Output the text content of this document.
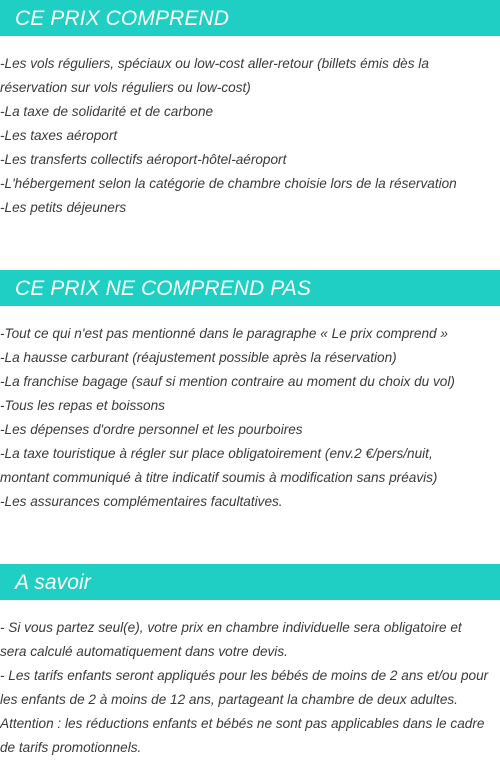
CE PRIX COMPREND
-Les vols réguliers, spéciaux ou low-cost aller-retour (billets émis dès la
réservation sur vols réguliers ou low-cost)
-La taxe de solidarité et de carbone
-Les taxes aéroport
-Les transferts collectifs aéroport-hôtel-aéroport
-L'hébergement selon la catégorie de chambre choisie lors de la réservation
-Les petits déjeuners
CE PRIX NE COMPREND PAS
-Tout ce qui n'est pas mentionné dans le paragraphe « Le prix comprend »
-La hausse carburant (réajustement possible après la réservation)
-La franchise bagage (sauf si mention contraire au moment du choix du vol)
-Tous les repas et boissons
-Les dépenses d'ordre personnel et les pourboires
-La taxe touristique à régler sur place obligatoirement (env.2 €/pers/nuit,
montant communiqué à titre indicatif soumis à modification sans préavis)
-Les assurances complémentaires facultatives.
A savoir
- Si vous partez seul(e), votre prix en chambre individuelle sera obligatoire et
sera calculé automatiquement dans votre devis.
- Les tarifs enfants seront appliqués pour les bébés de moins de 2 ans et/ou pour
les enfants de 2 à moins de 12 ans, partageant la chambre de deux adultes.
Attention : les réductions enfants et bébés ne sont pas applicables dans le cadre
de tarifs promotionnels.
